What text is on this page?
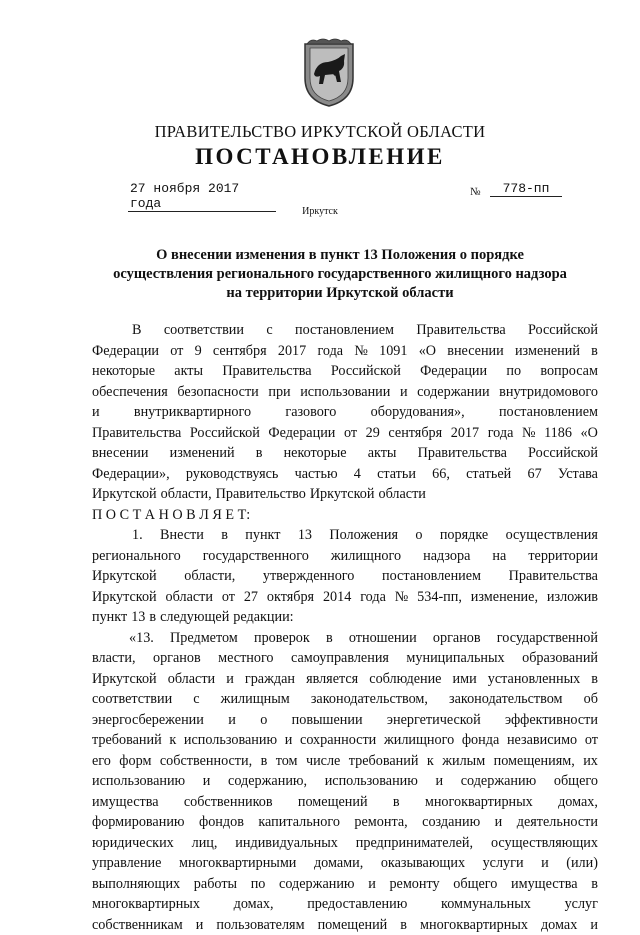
ПРАВИТЕЛЬСТВО ИРКУТСКОЙ ОБЛАСТИ
ПОСТАНОВЛЕНИЕ
27 ноября 2017 года
№	778-пп
Иркутск
О внесении изменения в пункт 13 Положения о порядке
осуществления регионального государственного жилищного надзора
на территории Иркутской области
В соответствии с постановлением Правительства Российской
Федерации от 9 сентября 2017 года № 1091 «О внесении изменений в
некоторые акты Правительства Российской Федерации по вопросам
обеспечения безопасности при использовании и содержании внутридомового
и внутриквартирного газового оборудования», постановлением
Правительства Российской Федерации от 29 сентября 2017 года № 1186 «О
внесении изменений в некоторые акты Правительства Российской
Федерации», руководствуясь частью 4 статьи 66, статьей 67 Устава
Иркутской области, Правительство Иркутской области
П О С Т А Н О В Л Я Е Т:
1. Внести в пункт 13 Положения о порядке осуществления
регионального государственного жилищного надзора на территории
Иркутской области, утвержденного постановлением Правительства
Иркутской области от 27 октября 2014 года № 534-пп, изменение, изложив
пункт 13 в следующей редакции:
«13. Предметом проверок в отношении органов государственной
власти, органов местного самоуправления муниципальных образований
Иркутской области и граждан является соблюдение ими установленных в
соответствии с жилищным законодательством, законодательством об
энергосбережении и о повышении энергетической эффективности
требований к использованию и сохранности жилищного фонда независимо от
его форм собственности, в том числе требований к жилым помещениям, их
использованию и содержанию, использованию и содержанию общего
имущества собственников помещений в многоквартирных домах,
формированию фондов капитального ремонта, созданию и деятельности
юридических лиц, индивидуальных предпринимателей, осуществляющих
управление многоквартирными домами, оказывающих услуги и (или)
выполняющих работы по содержанию и ремонту общего имущества в
многоквартирных домах, предоставлению коммунальных услуг
собственникам и пользователям помещений в многоквартирных домах и
